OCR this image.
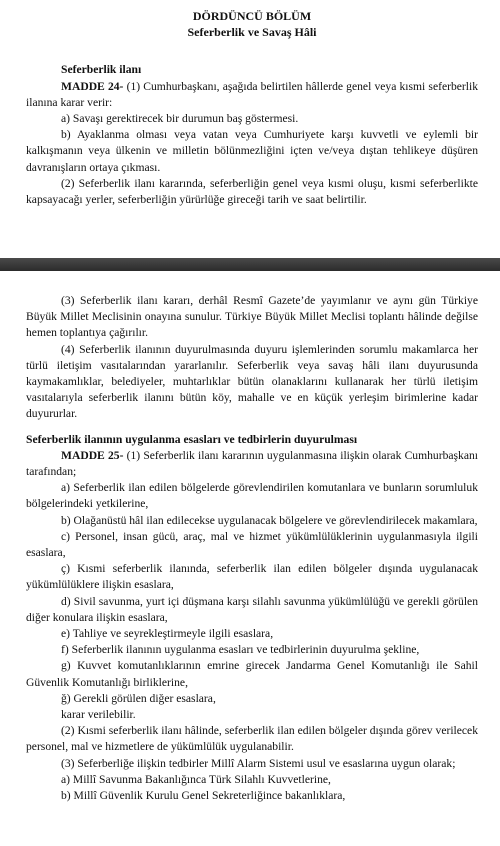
DÖRDÜNCÜ BÖLÜM
Seferberlik ve Savaş Hâli
Seferberlik ilanı

MADDE 24- (1) Cumhurbaşkanı, aşağıda belirtilen hâllerde genel veya kısmi seferberlik ilanına karar verir:

a) Savaşı gerektirecek bir durumun baş göstermesi.

b) Ayaklanma olması veya vatan veya Cumhuriyete karşı kuvvetli ve eylemli bir kalkışmanın veya ülkenin ve milletin bölünmezliğini içten ve/veya dıştan tehlikeye düşüren davranışların ortaya çıkması.

(2) Seferberlik ilanı kararında, seferberliğin genel veya kısmi oluşu, kısmi seferberlikte kapsayacağı yerler, seferberliğin yürürlüğe gireceği tarih ve saat belirtilir.

(3) Seferberlik ilanı kararı, derhâl Resmî Gazete’de yayımlanır ve aynı gün Türkiye Büyük Millet Meclisinin onayına sunulur. Türkiye Büyük Millet Meclisi toplantı hâlinde değilse hemen toplantıya çağırılır.

(4) Seferberlik ilanının duyurulmasında duyuru işlemlerinden sorumlu makamlarca her türlü iletişim vasıtalarından yararlanılır. Seferberlik veya savaş hâli ilanı duyurusunda kaymakamlıklar, belediyeler, muhtarlıklar bütün olanaklarını kullanarak her türlü iletişim vasıtalarıyla seferberlik ilanını bütün köy, mahalle ve en küçük yerleşim birimlerine kadar duyururlar.

Seferberlik ilanının uygulanma esasları ve tedbirlerin duyurulması

MADDE 25- (1) Seferberlik ilanı kararının uygulanmasına ilişkin olarak Cumhurbaşkanı tarafından;

a) Seferberlik ilan edilen bölgelerde görevlendirilen komutanlara ve bunların sorumluluk bölgelerindeki yetkilerine,

b) Olağanüstü hâl ilan edilecekse uygulanacak bölgelere ve görevlendirilecek makamlara,

c) Personel, insan gücü, araç, mal ve hizmet yükümlülüklerinin uygulanmasıyla ilgili esaslara,

ç) Kısmi seferberlik ilanında, seferberlik ilan edilen bölgeler dışında uygulanacak yükümlülüklere ilişkin esaslara,

d) Sivil savunma, yurt içi düşmana karşı silahlı savunma yükümlülüğü ve gerekli görülen diğer konulara ilişkin esaslara,

e) Tahliye ve seyrekleştirmeyle ilgili esaslara,

f) Seferberlik ilanının uygulanma esasları ve tedbirlerinin duyurulma şekline,

g) Kuvvet komutanlıklarının emrine girecek Jandarma Genel Komutanlığı ile Sahil Güvenlik Komutanlığı birliklerine,

ğ) Gerekli görülen diğer esaslara,

karar verilebilir.

(2) Kısmi seferberlik ilanı hâlinde, seferberlik ilan edilen bölgeler dışında görev verilecek personel, mal ve hizmetlere de yükümlülük uygulanabilir.

(3) Seferberliğe ilişkin tedbirler Millî Alarm Sistemi usul ve esaslarına uygun olarak;

a) Millî Savunma Bakanlığınca Türk Silahlı Kuvvetlerine,

b) Millî Güvenlik Kurulu Genel Sekreterliğince bakanlıklara,
